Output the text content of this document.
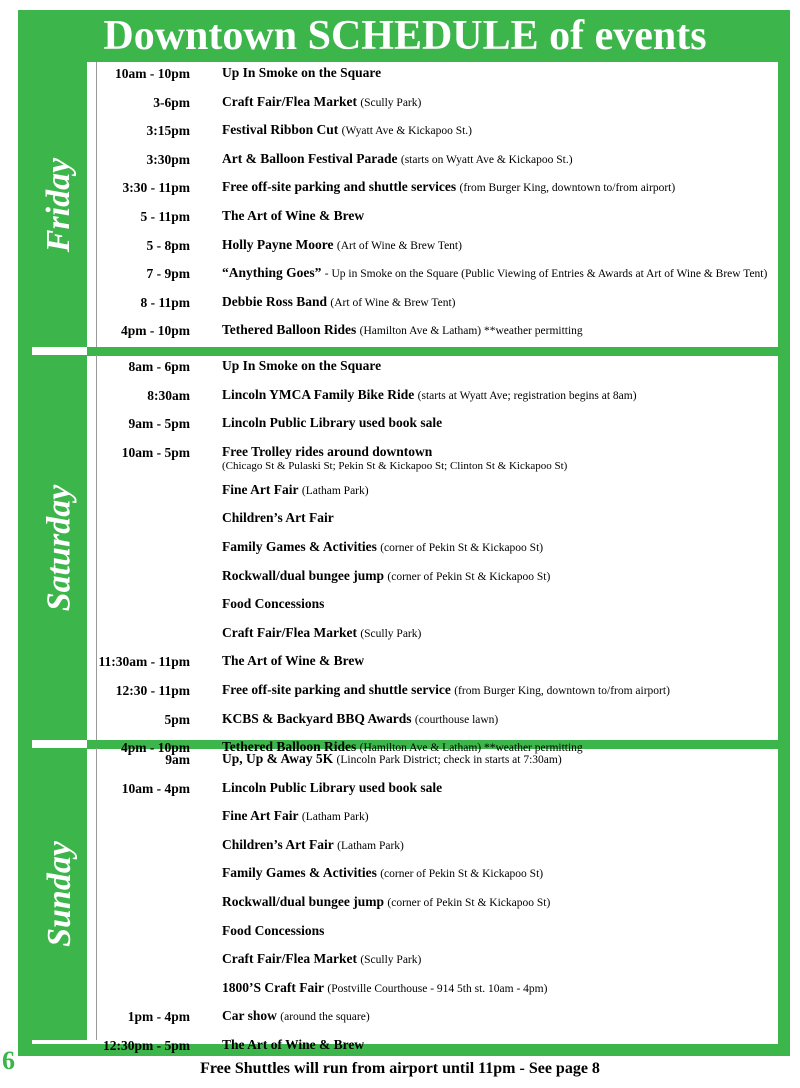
Downtown SCHEDULE of events
Friday
10am - 10pm	Up In Smoke on the Square
3-6pm	Craft Fair/Flea Market (Scully Park)
3:15pm	Festival Ribbon Cut (Wyatt Ave & Kickapoo St.)
3:30pm	Art & Balloon Festival Parade (starts on Wyatt Ave & Kickapoo St.)
3:30 - 11pm	Free off-site parking and shuttle services (from Burger King, downtown to/from airport)
5 - 11pm	The Art of Wine & Brew
5 - 8pm	Holly Payne Moore (Art of Wine & Brew Tent)
7 - 9pm	“Anything Goes” - Up in Smoke on the Square (Public Viewing of Entries & Awards at Art of Wine & Brew Tent)
8 - 11pm	Debbie Ross Band (Art of Wine & Brew Tent)
4pm - 10pm	Tethered Balloon Rides (Hamilton Ave & Latham) **weather permitting
Saturday
8am - 6pm	Up In Smoke on the Square
8:30am	Lincoln YMCA Family Bike Ride (starts at Wyatt Ave; registration begins at 8am)
9am - 5pm	Lincoln Public Library used book sale
10am - 5pm	Free Trolley rides around downtown
(Chicago St & Pulaski St; Pekin St & Kickapoo St; Clinton St & Kickapoo St)
Fine Art Fair (Latham Park)
Children’s Art Fair
Family Games & Activities (corner of Pekin St & Kickapoo St)
Rockwall/dual bungee jump (corner of Pekin St & Kickapoo St)
Food Concessions
Craft Fair/Flea Market (Scully Park)
11:30am - 11pm	The Art of Wine & Brew
12:30 - 11pm	Free off-site parking and shuttle service (from Burger King, downtown to/from airport)
5pm	KCBS & Backyard BBQ Awards (courthouse lawn)
4pm - 10pm	Tethered Balloon Rides (Hamilton Ave & Latham) **weather permitting
Sunday
9am	Up, Up & Away 5K (Lincoln Park District; check in starts at 7:30am)
10am - 4pm	Lincoln Public Library used book sale
Fine Art Fair (Latham Park)
Children’s Art Fair (Latham Park)
Family Games & Activities (corner of Pekin St & Kickapoo St)
Rockwall/dual bungee jump (corner of Pekin St & Kickapoo St)
Food Concessions
Craft Fair/Flea Market (Scully Park)
1800’S Craft Fair (Postville Courthouse - 914 5th st. 10am - 4pm)
1pm - 4pm	Car show (around the square)
12:30pm - 5pm	The Art of Wine & Brew
6	Free Shuttles will run from airport until 11pm - See page 8
